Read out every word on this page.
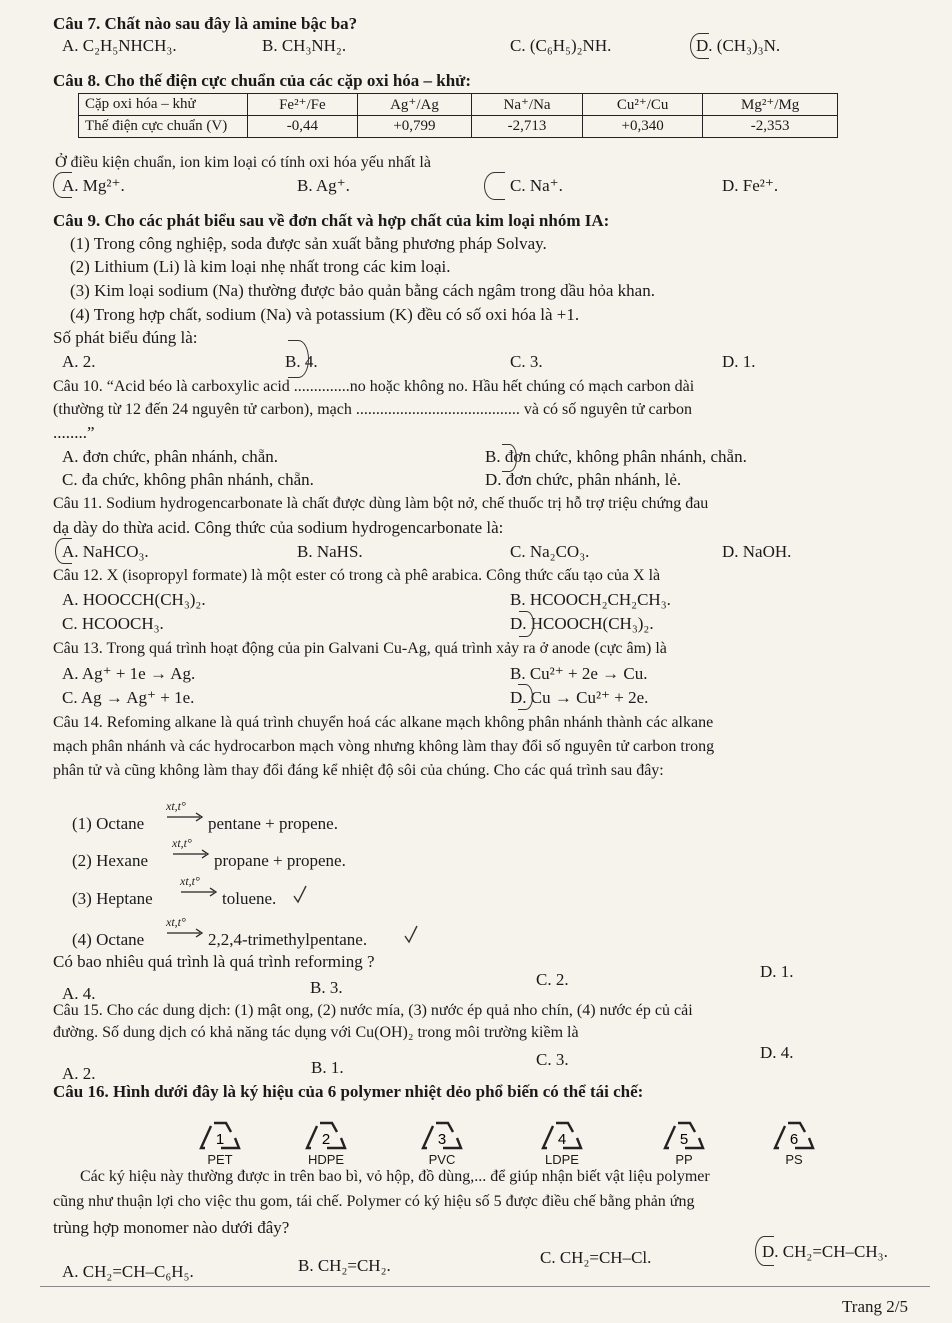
Câu 7. Chất nào sau đây là amine bậc ba?
A. C₂H₅NHCH₃.	B. CH₃NH₂.	C. (C₆H₅)₂NH.	D. (CH₃)₃N.
Câu 8. Cho thế điện cực chuẩn của các cặp oxi hóa – khử:
Cặp oxi hóa – khử	Fe²⁺/Fe	Ag⁺/Ag	Na⁺/Na	Cu²⁺/Cu	Mg²⁺/Mg
Thế điện cực chuẩn (V)	-0,44	+0,799	-2,713	+0,340	-2,353
Ở điều kiện chuẩn, ion kim loại có tính oxi hóa yếu nhất là
A. Mg²⁺.	B. Ag⁺.	C. Na⁺.	D. Fe²⁺.
Câu 9. Cho các phát biểu sau về đơn chất và hợp chất của kim loại nhóm IA:
(1) Trong công nghiệp, soda được sản xuất bằng phương pháp Solvay.
(2) Lithium (Li) là kim loại nhẹ nhất trong các kim loại.
(3) Kim loại sodium (Na) thường được bảo quản bằng cách ngâm trong dầu hỏa khan.
(4) Trong hợp chất, sodium (Na) và potassium (K) đều có số oxi hóa là +1.
Số phát biểu đúng là:
A. 2.	B. 4.	C. 3.	D. 1.
Câu 10. “Acid béo là carboxylic acid ..............no hoặc không no. Hầu hết chúng có mạch carbon dài
(thường từ 12 đến 24 nguyên tử carbon), mạch ......................................... và có số nguyên tử carbon
........”
A. đơn chức, phân nhánh, chẵn.	B. đơn chức, không phân nhánh, chẵn.
C. đa chức, không phân nhánh, chẵn.	D. đơn chức, phân nhánh, lẻ.
Câu 11. Sodium hydrogencarbonate là chất được dùng làm bột nở, chế thuốc trị hỗ trợ triệu chứng đau
dạ dày do thừa acid. Công thức của sodium hydrogencarbonate là:
A. NaHCO₃.	B. NaHS.	C. Na₂CO₃.	D. NaOH.
Câu 12. X (isopropyl formate) là một ester có trong cà phê arabica. Công thức cấu tạo của X là
A. HOOCCH(CH₃)₂.	B. HCOOCH₂CH₂CH₃.
C. HCOOCH₃.	D. HCOOCH(CH₃)₂.
Câu 13. Trong quá trình hoạt động của pin Galvani Cu-Ag, quá trình xảy ra ở anode (cực âm) là
A. Ag⁺ + 1e → Ag.	B. Cu²⁺ + 2e → Cu.
C. Ag → Ag⁺ + 1e.	D. Cu → Cu²⁺ + 2e.
Câu 14. Refoming alkane là quá trình chuyển hoá các alkane mạch không phân nhánh thành các alkane
mạch phân nhánh và các hydrocarbon mạch vòng nhưng không làm thay đổi số nguyên tử carbon trong
phân tử và cũng không làm thay đổi đáng kể nhiệt độ sôi của chúng. Cho các quá trình sau đây:
(1) Octane
xt,t°
pentane + propene.
(2) Hexane
xt,t°
propane + propene.
(3) Heptane
xt,t°
toluene.
(4) Octane
xt,t°
2,2,4-trimethylpentane.
Có bao nhiêu quá trình là quá trình reforming ?
A. 4.	B. 3.	C. 2.	D. 1.
Câu 15. Cho các dung dịch: (1) mật ong, (2) nước mía, (3) nước ép quả nho chín, (4) nước ép củ cải
đường. Số dung dịch có khả năng tác dụng với Cu(OH)₂ trong môi trường kiềm là
A. 2.	B. 1.	C. 3.	D. 4.
Câu 16. Hình dưới đây là ký hiệu của 6 polymer nhiệt dẻo phổ biến có thể tái chế:
1
PET
2
HDPE
3
PVC
4
LDPE
5
PP
6
PS
Các ký hiệu này thường được in trên bao bì, vỏ hộp, đồ dùng,... để giúp nhận biết vật liệu polymer
cũng như thuận lợi cho việc thu gom, tái chế. Polymer có ký hiệu số 5 được điều chế bằng phản ứng
trùng hợp monomer nào dưới đây?
A. CH₂=CH–C₆H₅.	B. CH₂=CH₂.	C. CH₂=CH–Cl.	D. CH₂=CH–CH₃.
Trang 2/5
